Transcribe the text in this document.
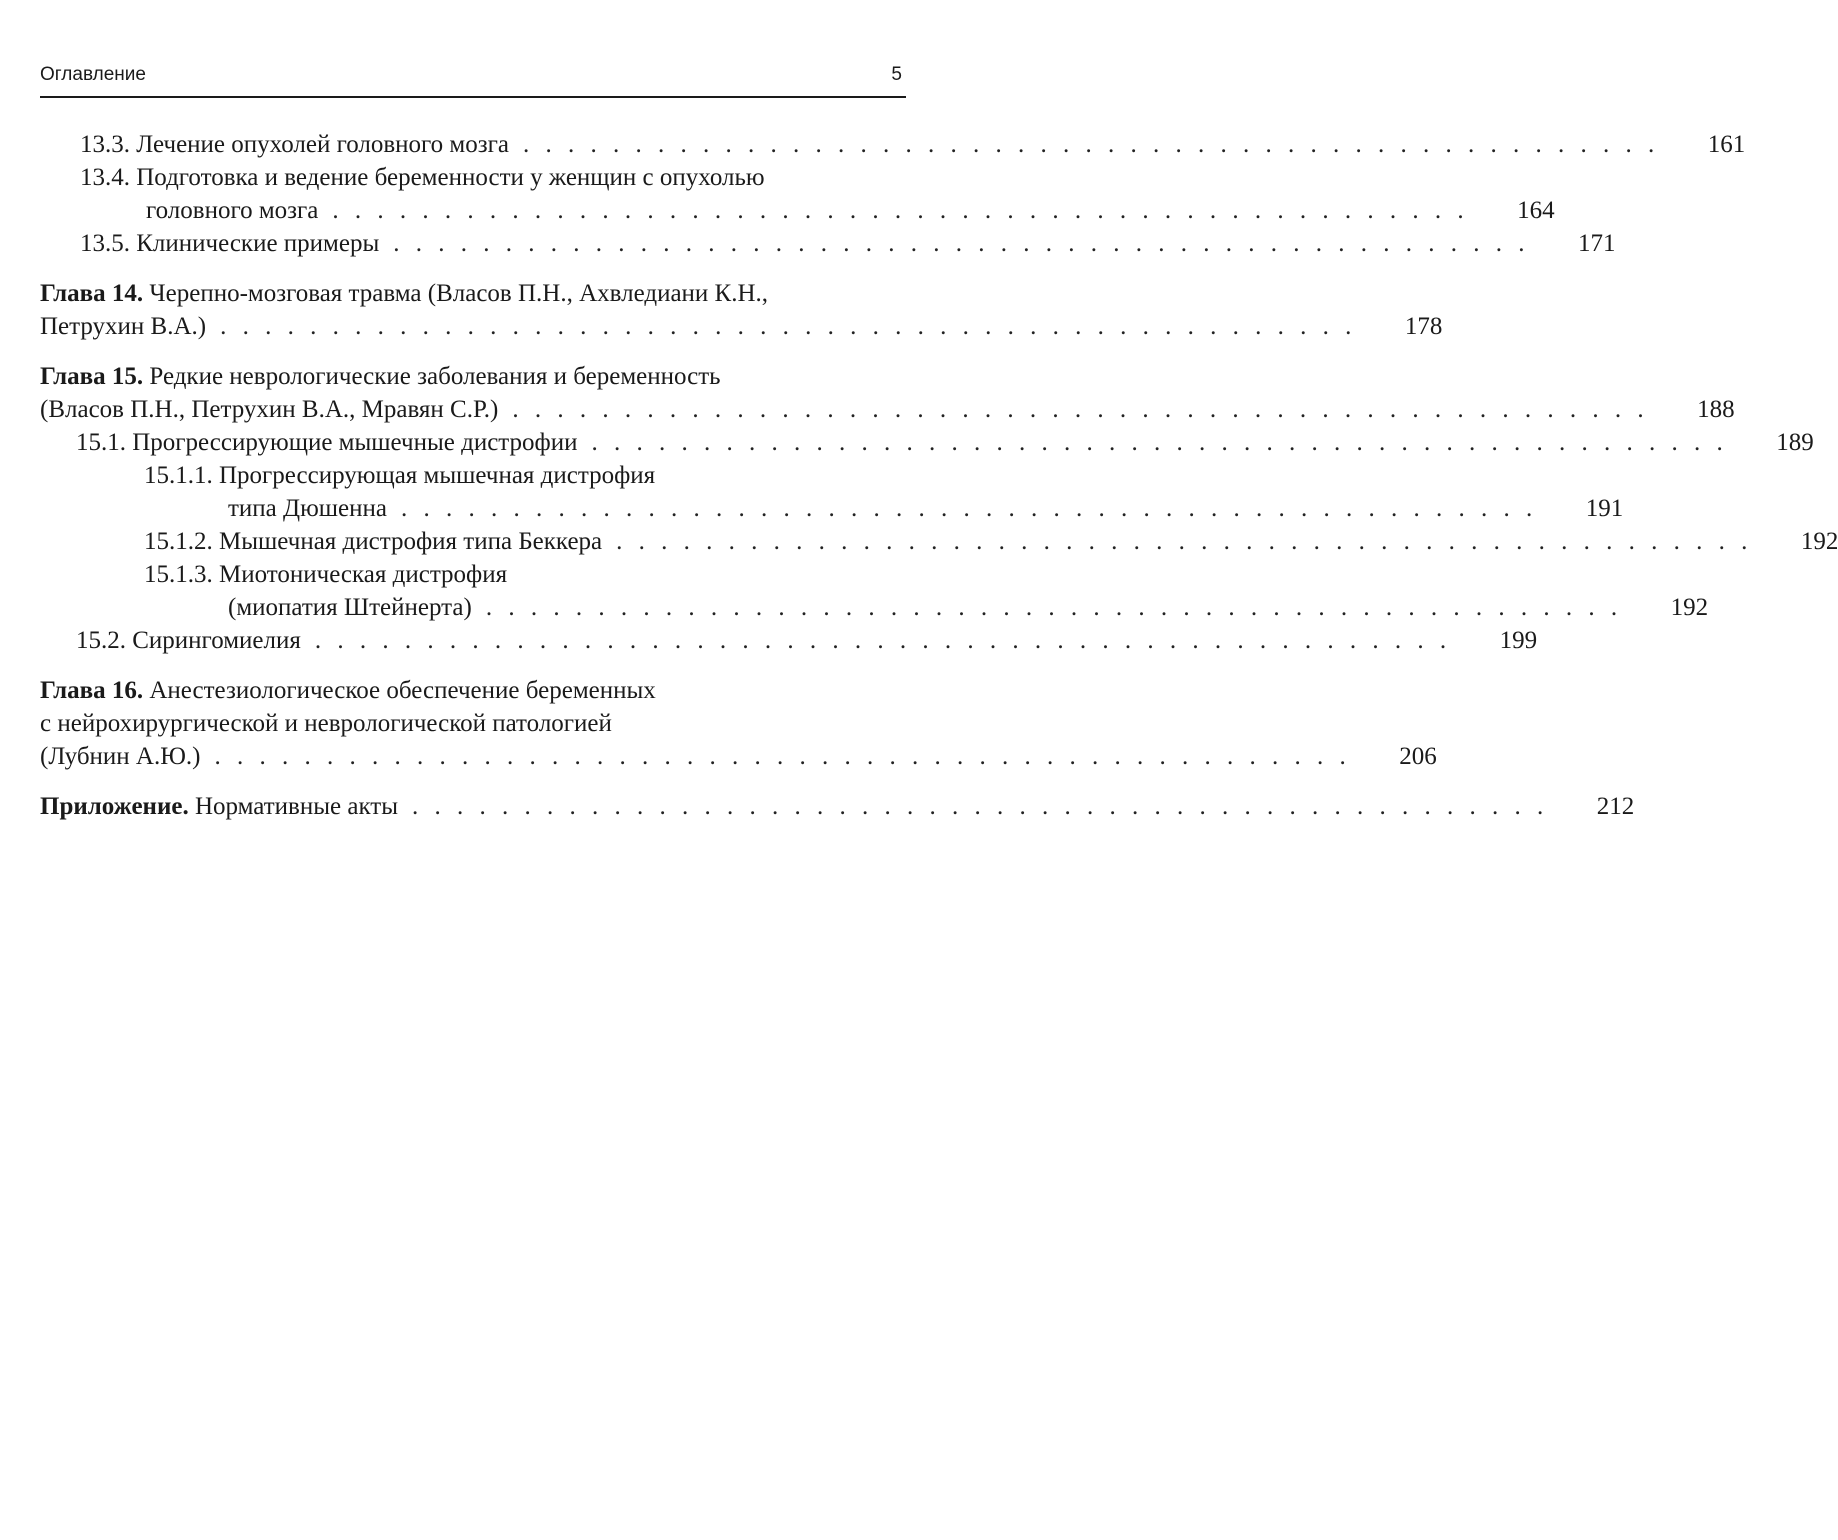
Оглавление	5
13.3. Лечение опухолей головного мозга . . . . . . . . . . . . . . . . . . . . . . . . . . . . . . . . . . . . . . . . . . . . . . . . . . .	161
13.4. Подготовка и ведение беременности у женщин с опухолью
головного мозга . . . . . . . . . . . . . . . . . . . . . . . . . . . . . . . . . . . . . . . . . . . . . . . . . . .	164
13.5. Клинические примеры . . . . . . . . . . . . . . . . . . . . . . . . . . . . . . . . . . . . . . . . . . . . . . . . . . .	171
Глава 14. Черепно-мозговая травма (Власов П.Н., Ахвледиани К.Н.,
Петрухин В.А.) . . . . . . . . . . . . . . . . . . . . . . . . . . . . . . . . . . . . . . . . . . . . . . . . . . .	178
Глава 15. Редкие неврологические заболевания и беременность
(Власов П.Н., Петрухин В.А., Мравян С.Р.) . . . . . . . . . . . . . . . . . . . . . . . . . . . . . . . . . . . . . . . . . . . . . . . . . . .	188
15.1. Прогрессирующие мышечные дистрофии . . . . . . . . . . . . . . . . . . . . . . . . . . . . . . . . . . . . . . . . . . . . . . . . . . .	189
15.1.1. Прогрессирующая мышечная дистрофия
типа Дюшенна . . . . . . . . . . . . . . . . . . . . . . . . . . . . . . . . . . . . . . . . . . . . . . . . . . .	191
15.1.2. Мышечная дистрофия типа Беккера . . . . . . . . . . . . . . . . . . . . . . . . . . . . . . . . . . . . . . . . . . . . . . . . . . .	192
15.1.3. Миотоническая дистрофия
(миопатия Штейнерта) . . . . . . . . . . . . . . . . . . . . . . . . . . . . . . . . . . . . . . . . . . . . . . . . . . .	192
15.2. Сирингомиелия . . . . . . . . . . . . . . . . . . . . . . . . . . . . . . . . . . . . . . . . . . . . . . . . . . .	199
Глава 16. Анестезиологическое обеспечение беременных
с нейрохирургической и неврологической патологией
(Лубнин А.Ю.) . . . . . . . . . . . . . . . . . . . . . . . . . . . . . . . . . . . . . . . . . . . . . . . . . . .	206
Приложение. Нормативные акты . . . . . . . . . . . . . . . . . . . . . . . . . . . . . . . . . . . . . . . . . . . . . . . . . . .	212
